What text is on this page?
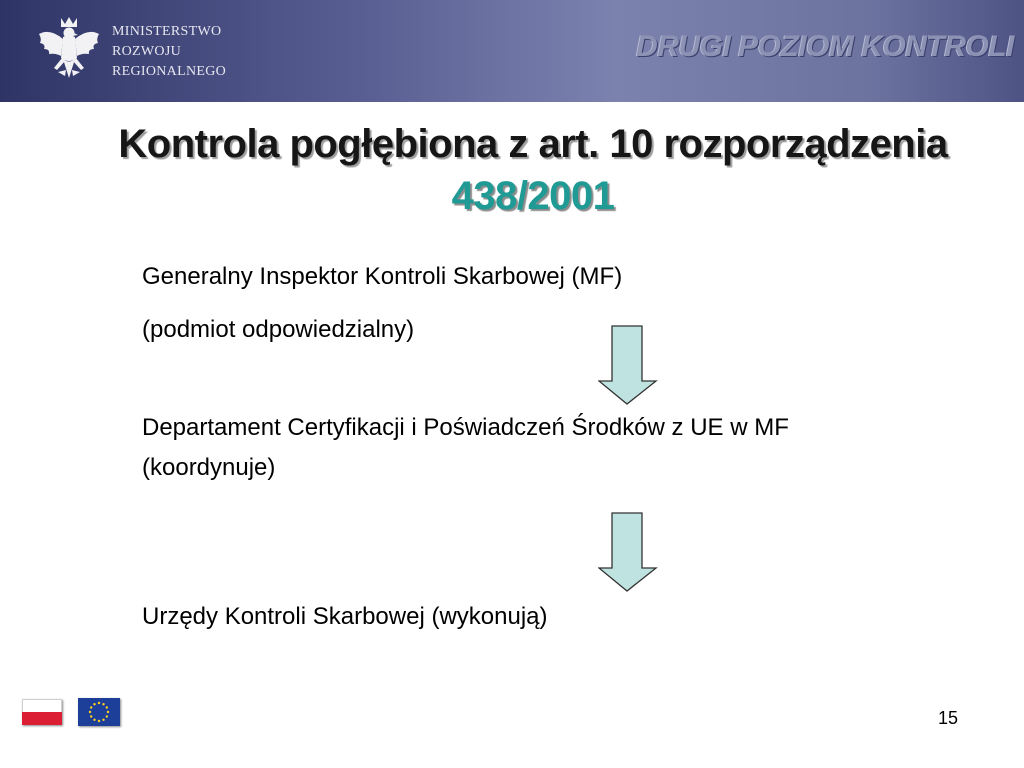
MINISTERSTWO
ROZWOJU
REGIONALNEGO
DRUGI POZIOM KONTROLI
Kontrola pogłębiona z art. 10 rozporządzenia
438/2001
Generalny Inspektor Kontroli Skarbowej (MF)
(podmiot odpowiedzialny)
Departament Certyfikacji i Poświadczeń Środków z UE w MF
(koordynuje)
Urzędy Kontroli Skarbowej (wykonują)
15
